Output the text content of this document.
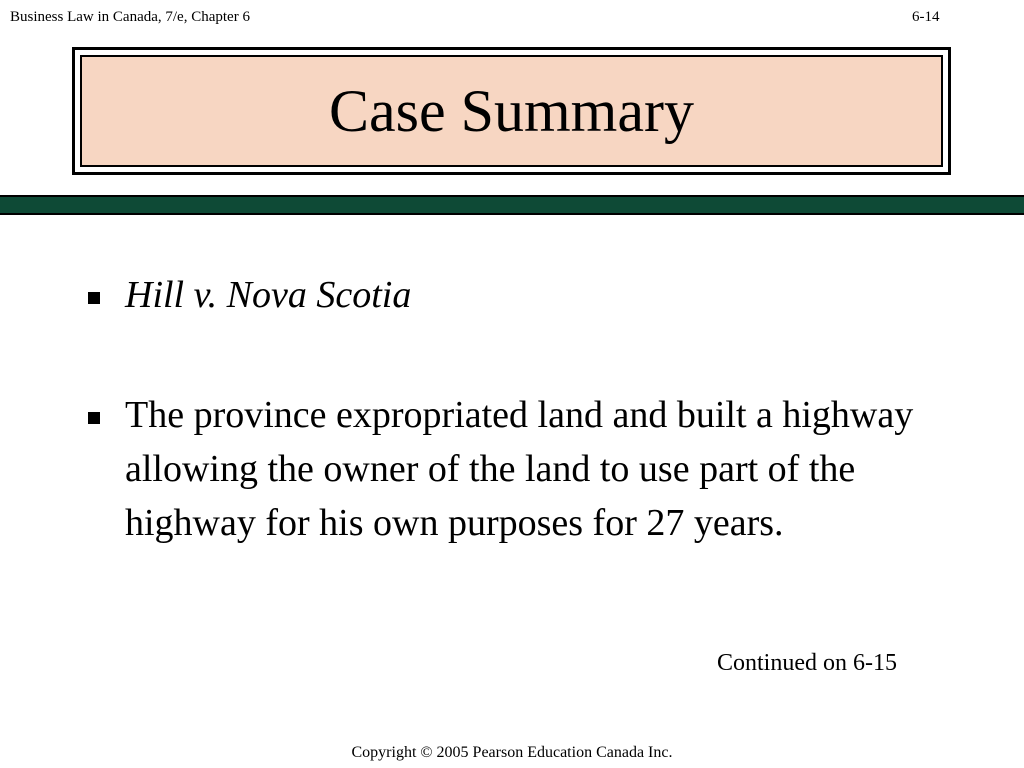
Business Law in Canada, 7/e, Chapter 6	6-14
Case Summary
Hill v. Nova Scotia
The province expropriated land and built a highway allowing the owner of the land to use part of the highway for his own purposes for 27 years.
Continued on 6-15
Copyright © 2005 Pearson Education Canada Inc.
